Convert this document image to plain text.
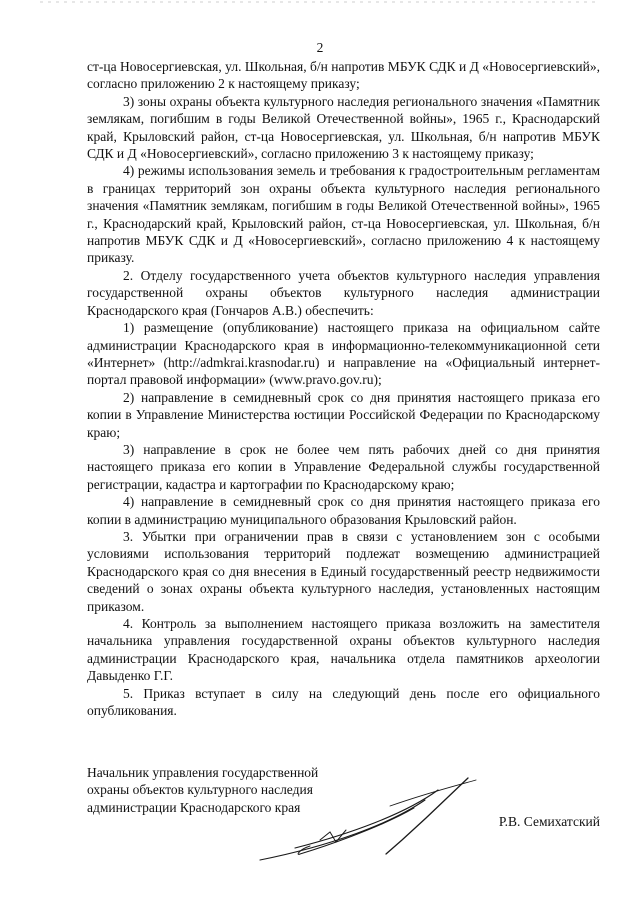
2

ст-ца Новосергиевская, ул. Школьная, б/н напротив МБУК СДК и Д «Новосергиевский», согласно приложению 2 к настоящему приказу;

3) зоны охраны объекта культурного наследия регионального значения «Памятник землякам, погибшим в годы Великой Отечественной войны», 1965 г., Краснодарский край, Крыловский район, ст-ца Новосергиевская, ул. Школьная, б/н напротив МБУК СДК и Д «Новосергиевский», согласно приложению 3 к настоящему приказу;

4) режимы использования земель и требования к градостроительным регламентам в границах территорий зон охраны объекта культурного наследия регионального значения «Памятник землякам, погибшим в годы Великой Отечественной войны», 1965 г., Краснодарский край, Крыловский район, ст-ца Новосергиевская, ул. Школьная, б/н напротив МБУК СДК и Д «Новосергиевский», согласно приложению 4 к настоящему приказу.

2. Отделу государственного учета объектов культурного наследия управления государственной охраны объектов культурного наследия администрации Краснодарского края (Гончаров А.В.) обеспечить:

1) размещение (опубликование) настоящего приказа на официальном сайте администрации Краснодарского края в информационно-телекоммуникационной сети «Интернет» (http://admkrai.krasnodar.ru) и направление на «Официальный интернет-портал правовой информации» (www.pravo.gov.ru);

2) направление в семидневный срок со дня принятия настоящего приказа его копии в Управление Министерства юстиции Российской Федерации по Краснодарскому краю;

3) направление в срок не более чем пять рабочих дней со дня принятия настоящего приказа его копии в Управление Федеральной службы государственной регистрации, кадастра и картографии по Краснодарскому краю;

4) направление в семидневный срок со дня принятия настоящего приказа его копии в администрацию муниципального образования Крыловский район.

3. Убытки при ограничении прав в связи с установлением зон с особыми условиями использования территорий подлежат возмещению администрацией Краснодарского края со дня внесения в Единый государственный реестр недвижимости сведений о зонах охраны объекта культурного наследия, установленных настоящим приказом.

4. Контроль за выполнением настоящего приказа возложить на заместителя начальника управления государственной охраны объектов культурного наследия администрации Краснодарского края, начальника отдела памятников археологии Давыденко Г.Г.

5. Приказ вступает в силу на следующий день после его официального опубликования.

Начальник управления государственной

охраны объектов культурного наследия

администрации Краснодарского края

Р.В. Семихатский
